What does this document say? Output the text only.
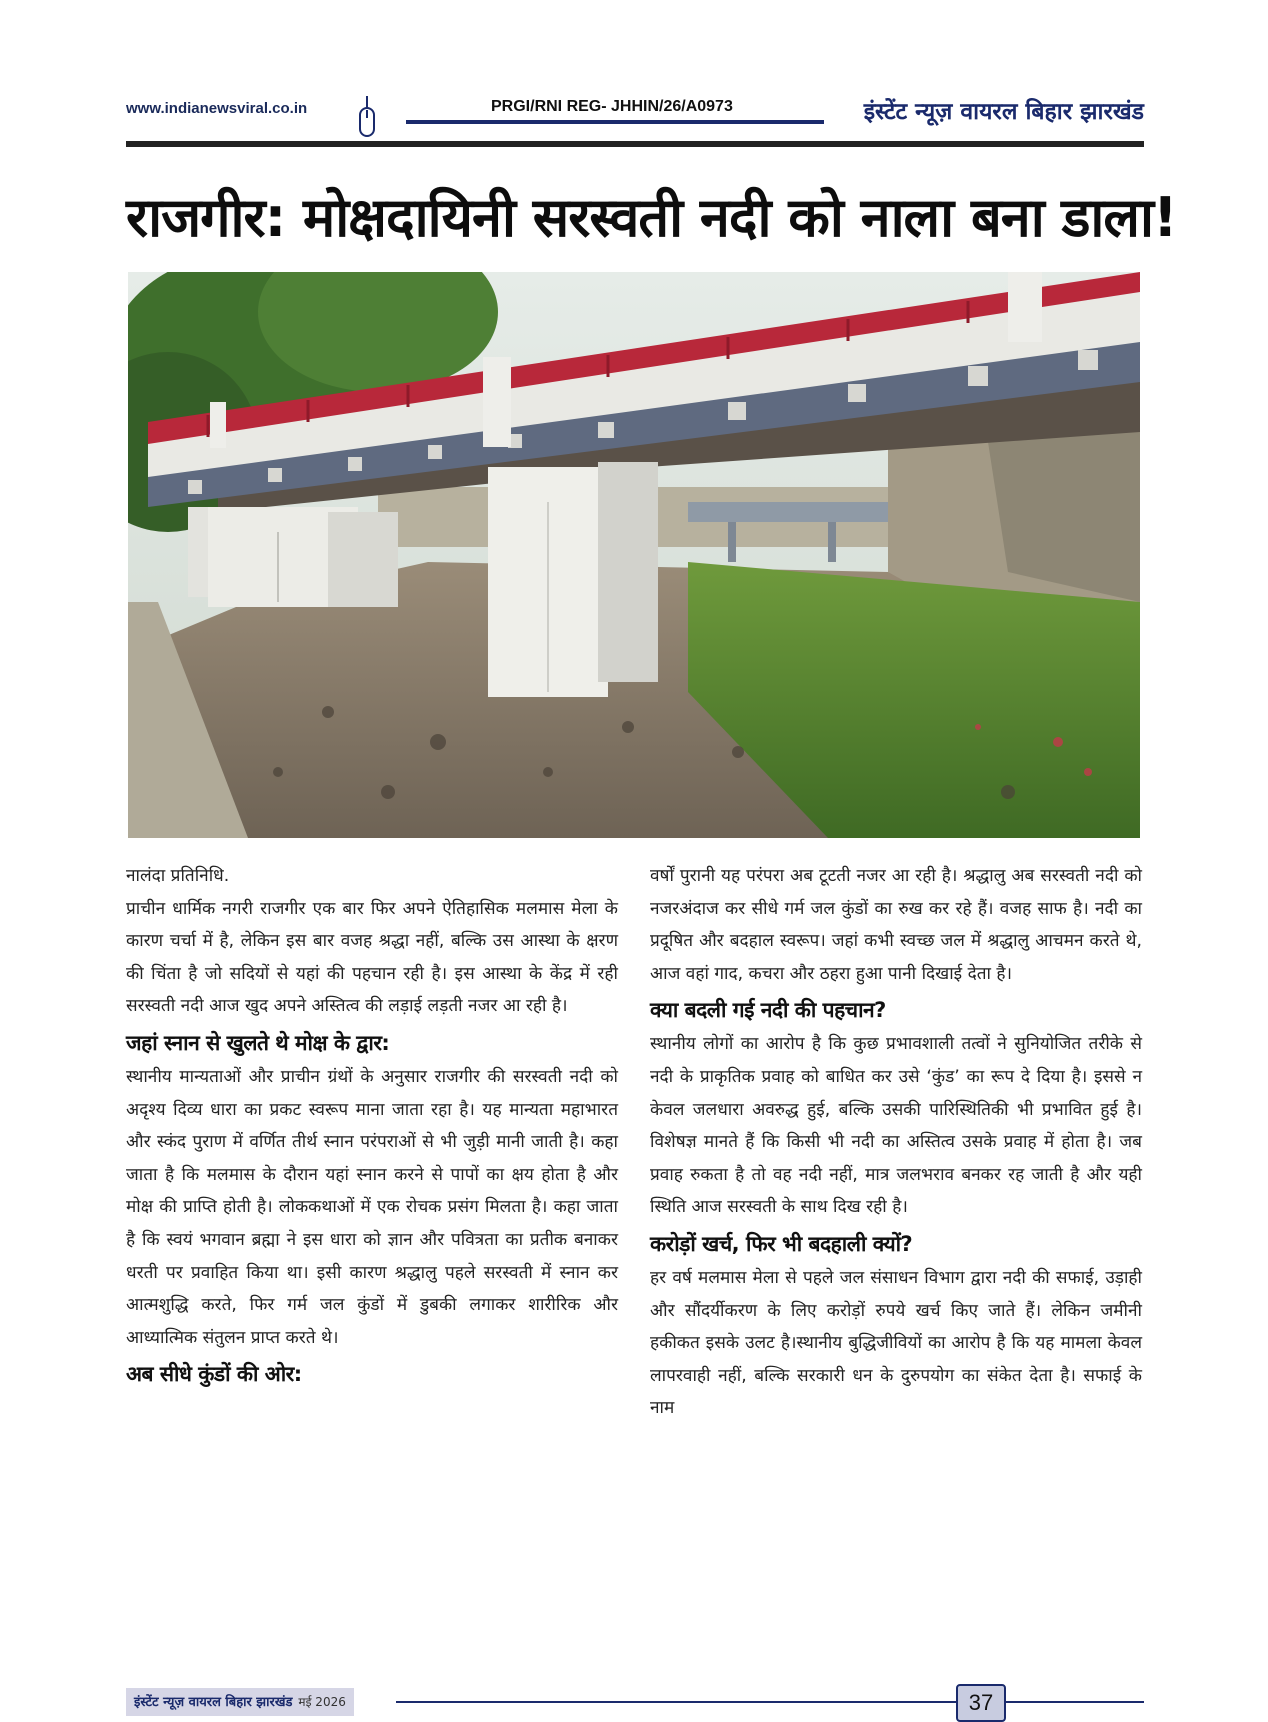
www.indianewsviral.co.in	PRGI/RNI REG- JHHIN/26/A0973	इंस्टेंट न्यूज़ वायरल बिहार झारखंड
राजगीर: मोक्षदायिनी सरस्वती नदी को नाला बना डाला!

नालंदा प्रतिनिधि.

प्राचीन धार्मिक नगरी राजगीर एक बार फिर अपने ऐतिहासिक मलमास मेला के कारण चर्चा में है, लेकिन इस बार वजह श्रद्धा नहीं, बल्कि उस आस्था के क्षरण की चिंता है जो सदियों से यहां की पहचान रही है। इस आस्था के केंद्र में रही सरस्वती नदी आज खुद अपने अस्तित्व की लड़ाई लड़ती नजर आ रही है।

जहां स्नान से खुलते थे मोक्ष के द्वार:

स्थानीय मान्यताओं और प्राचीन ग्रंथों के अनुसार राजगीर की सरस्वती नदी को अदृश्य दिव्य धारा का प्रकट स्वरूप माना जाता रहा है। यह मान्यता महाभारत और स्कंद पुराण में वर्णित तीर्थ स्नान परंपराओं से भी जुड़ी मानी जाती है। कहा जाता है कि मलमास के दौरान यहां स्नान करने से पापों का क्षय होता है और मोक्ष की प्राप्ति होती है। लोककथाओं में एक रोचक प्रसंग मिलता है। कहा जाता है कि स्वयं भगवान ब्रह्मा ने इस धारा को ज्ञान और पवित्रता का प्रतीक बनाकर धरती पर प्रवाहित किया था। इसी कारण श्रद्धालु पहले सरस्वती में स्नान कर आत्मशुद्धि करते, फिर गर्म जल कुंडों में डुबकी लगाकर शारीरिक और आध्यात्मिक संतुलन प्राप्त करते थे।

अब सीधे कुंडों की ओर:

वर्षों पुरानी यह परंपरा अब टूटती नजर आ रही है। श्रद्धालु अब सरस्वती नदी को नजरअंदाज कर सीधे गर्म जल कुंडों का रुख कर रहे हैं। वजह साफ है। नदी का प्रदूषित और बदहाल स्वरूप। जहां कभी स्वच्छ जल में श्रद्धालु आचमन करते थे, आज वहां गाद, कचरा और ठहरा हुआ पानी दिखाई देता है।

क्या बदली गई नदी की पहचान?

स्थानीय लोगों का आरोप है कि कुछ प्रभावशाली तत्वों ने सुनियोजित तरीके से नदी के प्राकृतिक प्रवाह को बाधित कर उसे ‘कुंड’ का रूप दे दिया है। इससे न केवल जलधारा अवरुद्ध हुई, बल्कि उसकी पारिस्थितिकी भी प्रभावित हुई है। विशेषज्ञ मानते हैं कि किसी भी नदी का अस्तित्व उसके प्रवाह में होता है। जब प्रवाह रुकता है तो वह नदी नहीं, मात्र जलभराव बनकर रह जाती है और यही स्थिति आज सरस्वती के साथ दिख रही है।

करोड़ों खर्च, फिर भी बदहाली क्यों?

हर वर्ष मलमास मेला से पहले जल संसाधन विभाग द्वारा नदी की सफाई, उड़ाही और सौंदर्यीकरण के लिए करोड़ों रुपये खर्च किए जाते हैं। लेकिन जमीनी हकीकत इसके उलट है।स्थानीय बुद्धिजीवियों का आरोप है कि यह मामला केवल लापरवाही नहीं, बल्कि सरकारी धन के दुरुपयोग का संकेत देता है। सफाई के नाम

इंस्टेंट न्यूज़ वायरल बिहार झारखंड मई 2026	37
